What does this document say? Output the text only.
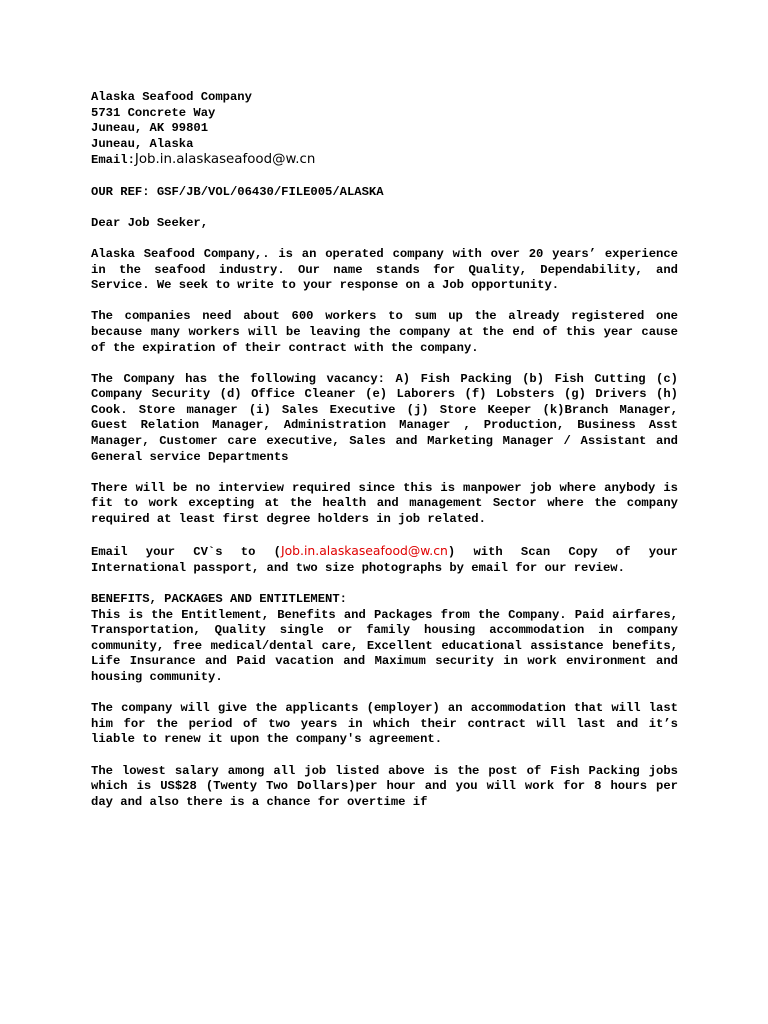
Alaska Seafood Company
5731 Concrete Way
Juneau, AK 99801
Juneau, Alaska
Email:Job.in.alaskaseafood@w.cn
OUR REF: GSF/JB/VOL/06430/FILE005/ALASKA
Dear Job Seeker,

Alaska Seafood Company,. is an operated company with over 20 years’ experience in the seafood industry. Our name stands for Quality, Dependability, and Service. We seek to write to your response on a Job opportunity.

The companies need about 600 workers to sum up the already registered one because many workers will be leaving the company at the end of this year cause of the expiration of their contract with the company.

The Company has the following vacancy: A) Fish Packing (b) Fish Cutting (c) Company Security (d) Office Cleaner (e) Laborers (f) Lobsters (g) Drivers (h) Cook. Store manager (i) Sales Executive (j) Store Keeper (k)Branch Manager, Guest Relation Manager, Administration Manager , Production, Business Asst Manager, Customer care executive, Sales and Marketing Manager / Assistant and General service Departments

There will be no interview required since this is manpower job where anybody is fit to work excepting at the health and management Sector where the company required at least first degree holders in job related.

Email your CV`s to (Job.in.alaskaseafood@w.cn) with Scan Copy of your International passport, and two size photographs by email for our review.

BENEFITS, PACKAGES AND ENTITLEMENT:

This is the Entitlement, Benefits and Packages from the Company. Paid airfares, Transportation, Quality single or family housing accommodation in company community, free medical/dental care, Excellent educational assistance benefits, Life Insurance and Paid vacation and Maximum security in work environment and housing community.

The company will give the applicants (employer) an accommodation that will last him for the period of two years in which their contract will last and it’s liable to renew it upon the company's agreement.

The lowest salary among all job listed above is the post of Fish Packing jobs which is US$28 (Twenty Two Dollars)per hour and you will work for 8 hours per day and also there is a chance for overtime if
